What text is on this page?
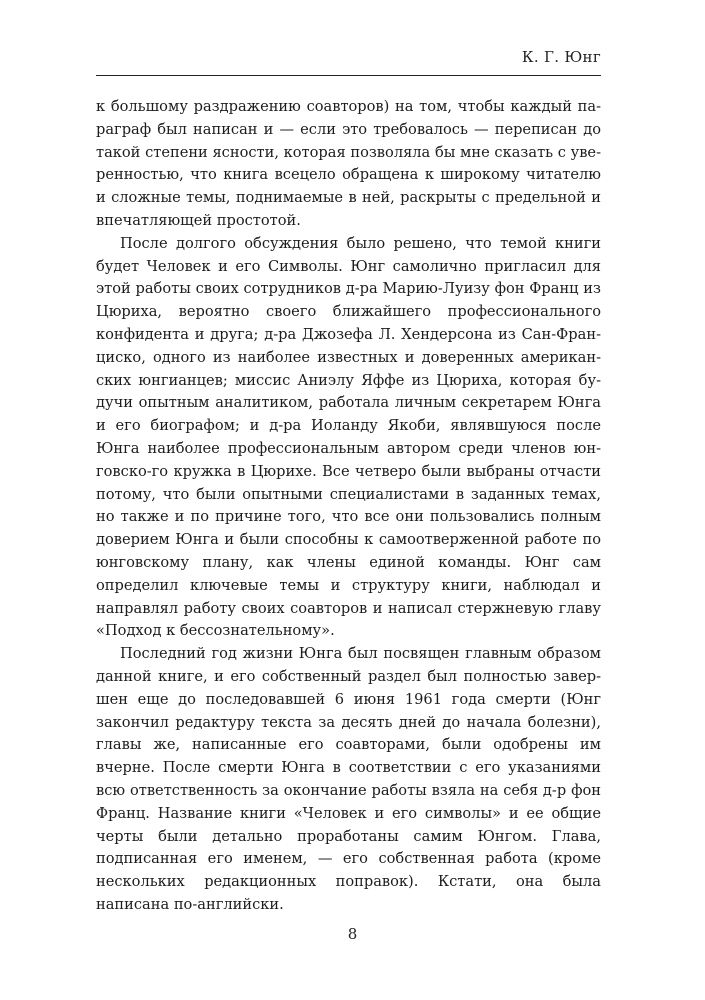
К. Г. Юнг

к большому раздражению соавторов) на том, чтобы каждый параграф был написан и — если это требовалось — переписан до такой степени ясности, которая позволяла бы мне сказать с уверенностью, что книга всецело обращена к широкому читателю и сложные темы, поднимаемые в ней, раскрыты с предельной и впечатляющей простотой.

После долгого обсуждения было решено, что темой книги будет Человек и его Символы. Юнг самолично пригласил для этой работы своих сотрудников д-ра Марию-Луизу фон Франц из Цюриха, вероятно своего ближайшего профессионального конфидента и друга; д-ра Джозефа Л. Хендерсона из Сан-Франциско, одного из наиболее известных и доверенных американских юнгианцев; миссис Аниэлу Яффе из Цюриха, которая будучи опытным аналитиком, работала личным секретарем Юнга и его биографом; и д-ра Иоланду Якоби, являвшуюся после Юнга наиболее профессиональным автором среди членов юнговско-го кружка в Цюрихе. Все четверо были выбраны отчасти потому, что были опытными специалистами в заданных темах, но также и по причине того, что все они пользовались полным доверием Юнга и были способны к самоотверженной работе по юнговскому плану, как члены единой команды. Юнг сам определил ключевые темы и структуру книги, наблюдал и направлял работу своих соавторов и написал стержневую главу «Подход к бессознательному».

Последний год жизни Юнга был посвящен главным образом данной книге, и его собственный раздел был полностью завершен еще до последовавшей 6 июня 1961 года смерти (Юнг закончил редактуру текста за десять дней до начала болезни), главы же, написанные его соавторами, были одобрены им вчерне. После смерти Юнга в соответствии с его указаниями всю ответственность за окончание работы взяла на себя д-р фон Франц. Название книги «Человек и его символы» и ее общие черты были детально проработаны самим Юнгом. Глава, подписанная его именем, — его собственная работа (кроме нескольких редакционных поправок). Кстати, она была написана по-английски.

8
